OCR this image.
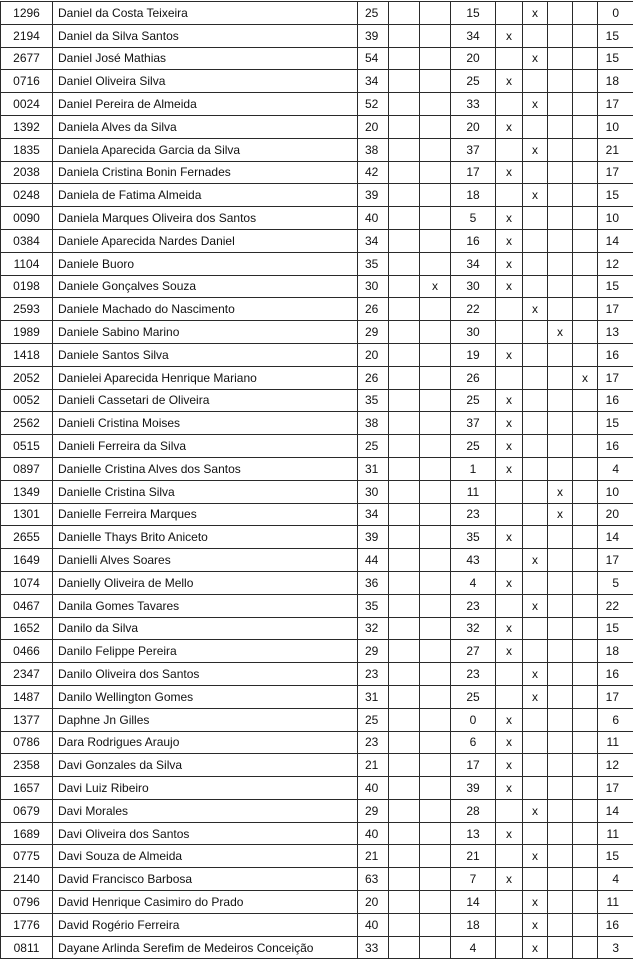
1296	Daniel da Costa Teixeira	25			15		x			0
2194	Daniel da Silva Santos	39			34	x				15
2677	Daniel José Mathias	54			20		x			15
0716	Daniel Oliveira Silva	34			25	x				18
0024	Daniel Pereira de Almeida	52			33		x			17
1392	Daniela Alves da Silva	20			20	x				10
1835	Daniela Aparecida Garcia da Silva	38			37		x			21
2038	Daniela Cristina Bonin Fernades	42			17	x				17
0248	Daniela de Fatima Almeida	39			18		x			15
0090	Daniela Marques Oliveira dos Santos	40			5	x				10
0384	Daniele Aparecida Nardes Daniel	34			16	x				14
1104	Daniele Buoro	35			34	x				12
0198	Daniele Gonçalves Souza	30		x	30	x				15
2593	Daniele Machado do Nascimento	26			22		x			17
1989	Daniele Sabino Marino	29			30			x		13
1418	Daniele Santos Silva	20			19	x				16
2052	Danielei Aparecida Henrique Mariano	26			26				x	17
0052	Danieli Cassetari de Oliveira	35			25	x				16
2562	Danieli Cristina Moises	38			37	x				15
0515	Danieli Ferreira da Silva	25			25	x				16
0897	Danielle Cristina Alves dos Santos	31			1	x				4
1349	Danielle Cristina Silva	30			11			x		10
1301	Danielle Ferreira Marques	34			23			x		20
2655	Danielle Thays Brito Aniceto	39			35	x				14
1649	Danielli Alves Soares	44			43		x			17
1074	Danielly Oliveira de Mello	36			4	x				5
0467	Danila Gomes Tavares	35			23		x			22
1652	Danilo da Silva	32			32	x				15
0466	Danilo Felippe Pereira	29			27	x				18
2347	Danilo Oliveira dos Santos	23			23		x			16
1487	Danilo Wellington Gomes	31			25		x			17
1377	Daphne Jn Gilles	25			0	x				6
0786	Dara Rodrigues Araujo	23			6	x				11
2358	Davi Gonzales da Silva	21			17	x				12
1657	Davi Luiz Ribeiro	40			39	x				17
0679	Davi Morales	29			28		x			14
1689	Davi Oliveira dos Santos	40			13	x				11
0775	Davi Souza de Almeida	21			21		x			15
2140	David Francisco Barbosa	63			7	x				4
0796	David Henrique Casimiro do Prado	20			14		x			11
1776	David Rogério Ferreira	40			18		x			16
0811	Dayane Arlinda Serefim de Medeiros Conceição	33			4		x			3
